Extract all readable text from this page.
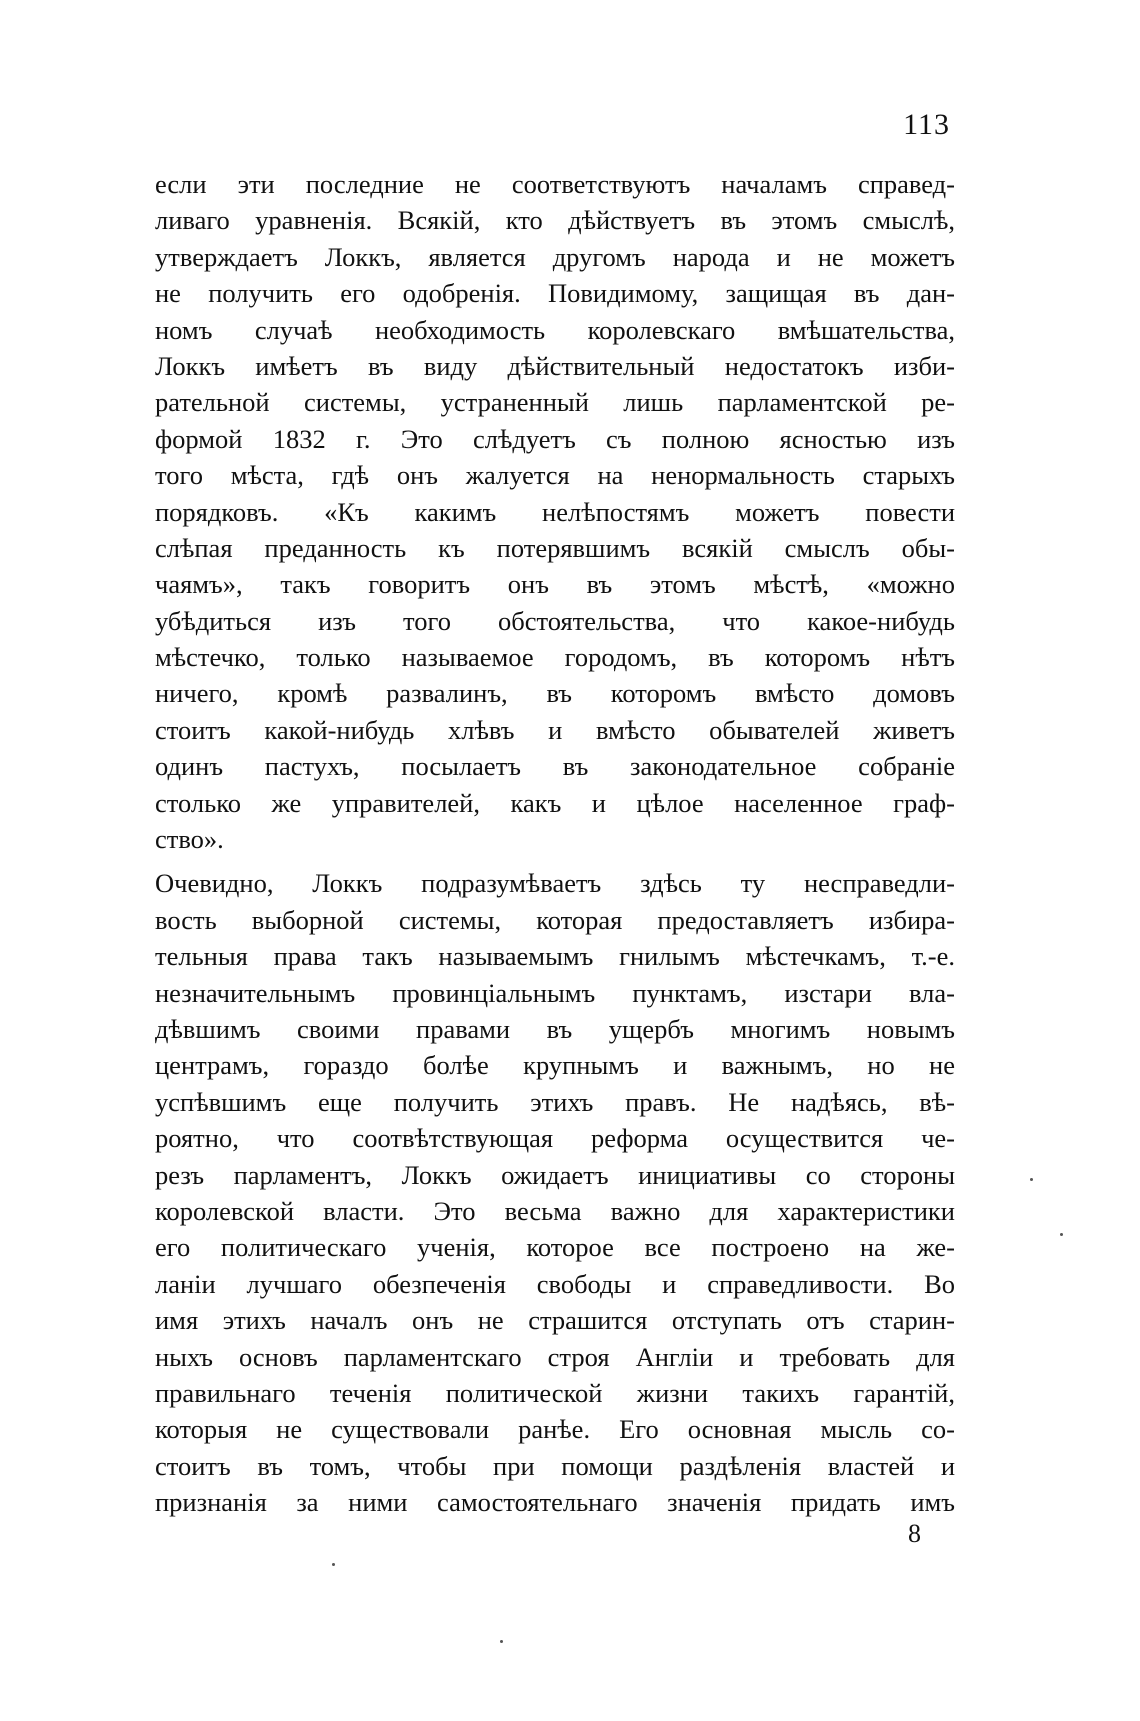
113
если эти последние не соответствуютъ началамъ справед-
ливаго уравненія. Всякій, кто дѣйствуетъ въ этомъ смыслѣ,
утверждаетъ Локкъ, является другомъ народа и не можетъ
не получить его одобренія. Повидимому, защищая въ дан-
номъ случаѣ необходимость королевскаго вмѣшательства,
Локкъ имѣетъ въ виду дѣйствительный недостатокъ изби-
рательной системы, устраненный лишь парламентской ре-
формой 1832 г. Это слѣдуетъ съ полною ясностью изъ
того мѣста, гдѣ онъ жалуется на ненормальность старыхъ
порядковъ. «Къ какимъ нелѣпостямъ можетъ повести
слѣпая преданность къ потерявшимъ всякій смыслъ обы-
чаямъ», такъ говоритъ онъ въ этомъ мѣстѣ, «можно
убѣдиться изъ того обстоятельства, что какое-нибудь
мѣстечко, только называемое городомъ, въ которомъ нѣтъ
ничего, кромѣ развалинъ, въ которомъ вмѣсто домовъ
стоитъ какой-нибудь хлѣвъ и вмѣсто обывателей живетъ
одинъ пастухъ, посылаетъ въ законодательное собраніе
столько же управителей, какъ и цѣлое населенное граф-
ство».
Очевидно, Локкъ подразумѣваетъ здѣсь ту несправедли-
вость выборной системы, которая предоставляетъ избира-
тельныя права такъ называемымъ гнилымъ мѣстечкамъ, т.-е.
незначительнымъ провинціальнымъ пунктамъ, изстари вла-
дѣвшимъ своими правами въ ущербъ многимъ новымъ
центрамъ, гораздо болѣе крупнымъ и важнымъ, но не
успѣвшимъ еще получить этихъ правъ. Не надѣясь, вѣ-
роятно, что соотвѣтствующая реформа осуществится че-
резъ парламентъ, Локкъ ожидаетъ инициативы со стороны
королевской власти. Это весьма важно для характеристики
его политическаго ученія, которое все построено на же-
ланіи лучшаго обезпеченія свободы и справедливости. Во
имя этихъ началъ онъ не страшится отступать отъ старин-
ныхъ основъ парламентскаго строя Англіи и требовать для
правильнаго теченія политической жизни такихъ гарантій,
которыя не существовали ранѣе. Его основная мысль со-
стоитъ въ томъ, чтобы при помощи раздѣленія властей и
признанія за ними самостоятельнаго значенія придать имъ
8
